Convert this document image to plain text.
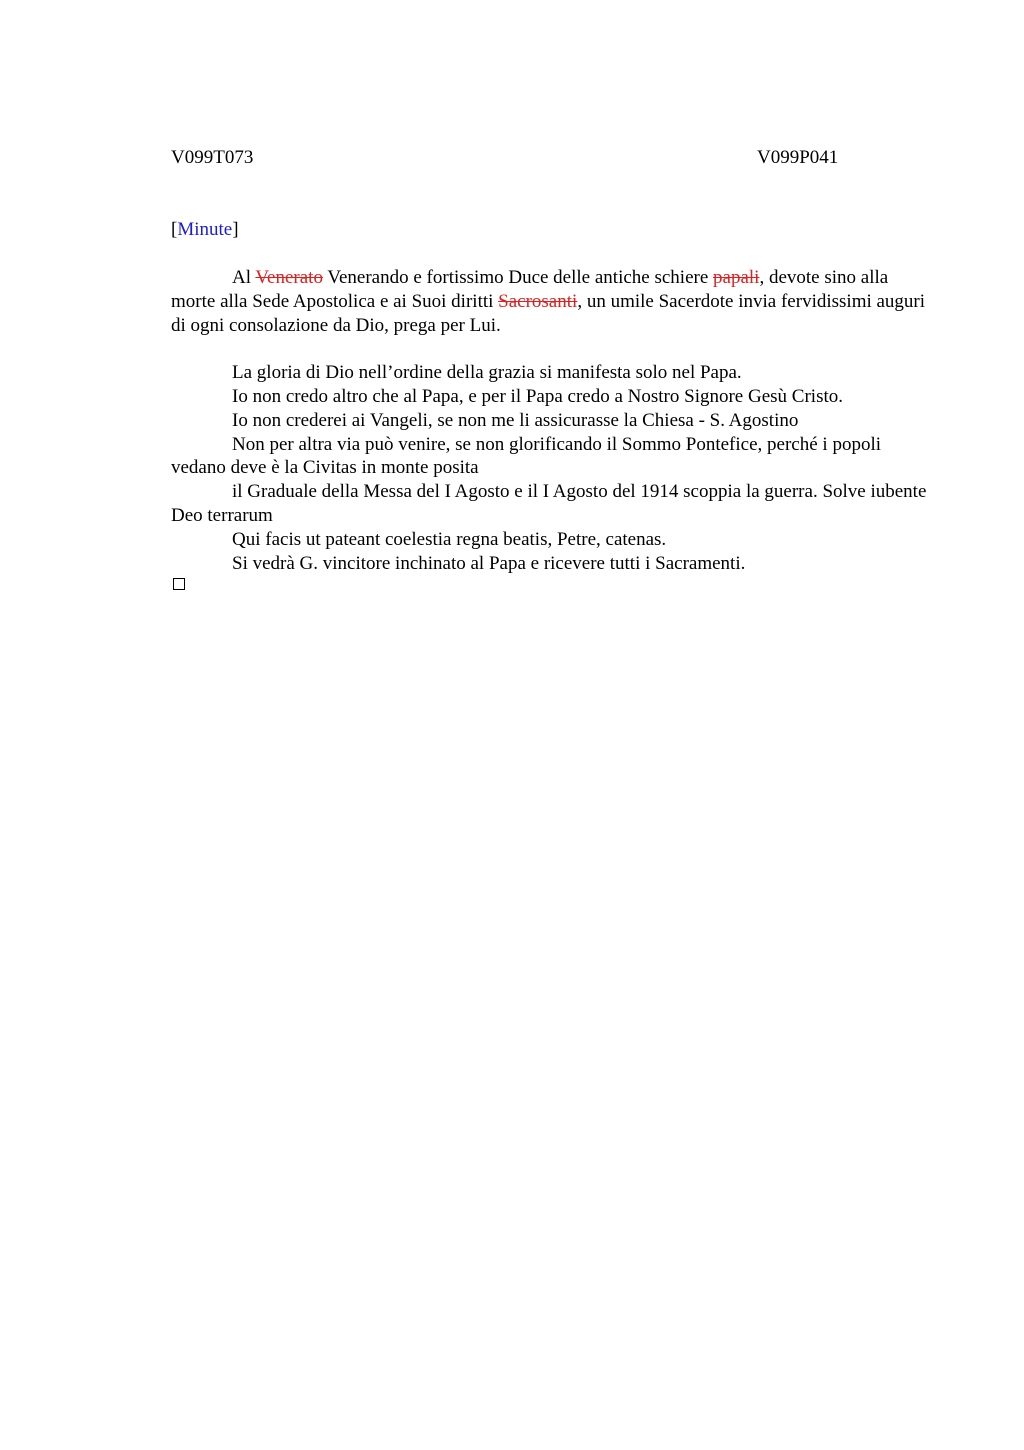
V099T073	V099P041
[Minute]

Al Venerato Venerando e fortissimo Duce delle antiche schiere papali, devote sino alla morte alla Sede Apostolica e ai Suoi diritti Sacrosanti, un umile Sacerdote invia fervidissimi auguri di ogni consolazione da Dio, prega per Lui.

La gloria di Dio nell’ordine della grazia si manifesta solo nel Papa.

Io non credo altro che al Papa, e per il Papa credo a Nostro Signore Gesù Cristo.

Io non crederei ai Vangeli, se non me li assicurasse la Chiesa - S. Agostino

Non per altra via può venire, se non glorificando il Sommo Pontefice, perché i popoli vedano deve è la Civitas in monte posita

il Graduale della Messa del I Agosto e il I Agosto del 1914 scoppia la guerra. Solve iubente Deo terrarum

Qui facis ut pateant coelestia regna beatis, Petre, catenas.

Si vedrà G. vincitore inchinato al Papa e ricevere tutti i Sacramenti.
